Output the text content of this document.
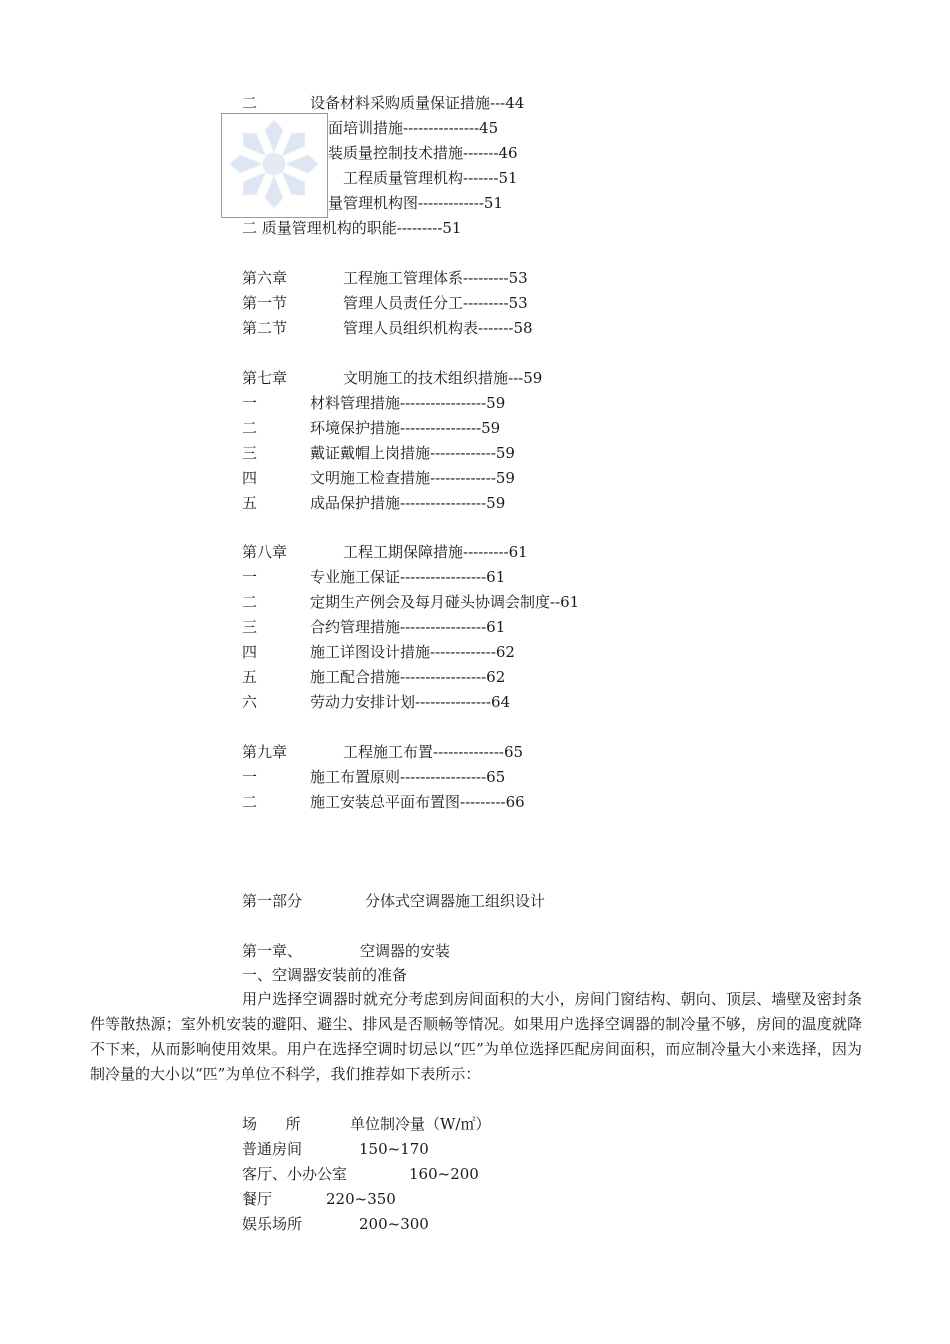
二	设备材料采购质量保证措施---44
面培训措施---------------45
装质量控制技术措施-------46
工程质量管理机构-------51
量管理机构图-------------51
二 质量管理机构的职能---------51
第六章	工程施工管理体系---------53
第一节	管理人员责任分工---------53
第二节	管理人员组织机构表-------58
第七章	文明施工的技术组织措施---59
一	材料管理措施-----------------59
二	环境保护措施----------------59
三	戴证戴帽上岗措施-------------59
四	文明施工检查措施-------------59
五	成品保护措施-----------------59
第八章	工程工期保障措施---------61
一	专业施工保证-----------------61
二	定期生产例会及每月碰头协调会制度--61
三	合约管理措施-----------------61
四	施工详图设计措施-------------62
五	施工配合措施-----------------62
六	劳动力安排计划---------------64
第九章	工程施工布置--------------65
一	施工布置原则-----------------65
二	施工安装总平面布置图---------66
第一部分	分体式空调器施工组织设计
第一章、	空调器的安装
一、空调器安装前的准备
用户选择空调器时就充分考虑到房间面积的大小，房间门窗结构、朝向、顶层、墙壁及密封条件等散热源；室外机安装的避阳、避尘、排风是否顺畅等情况。如果用户选择空调器的制冷量不够，房间的温度就降不下来，从而影响使用效果。用户在选择空调时切忌以“匹”为单位选择匹配房间面积，而应制冷量大小来选择，因为制冷量的大小以“匹”为单位不科学，我们推荐如下表所示：
场      所	单位制冷量（W/㎡）
普通房间	150~170
客厅、小办公室	160~200
餐厅	220~350
娱乐场所	200~300
